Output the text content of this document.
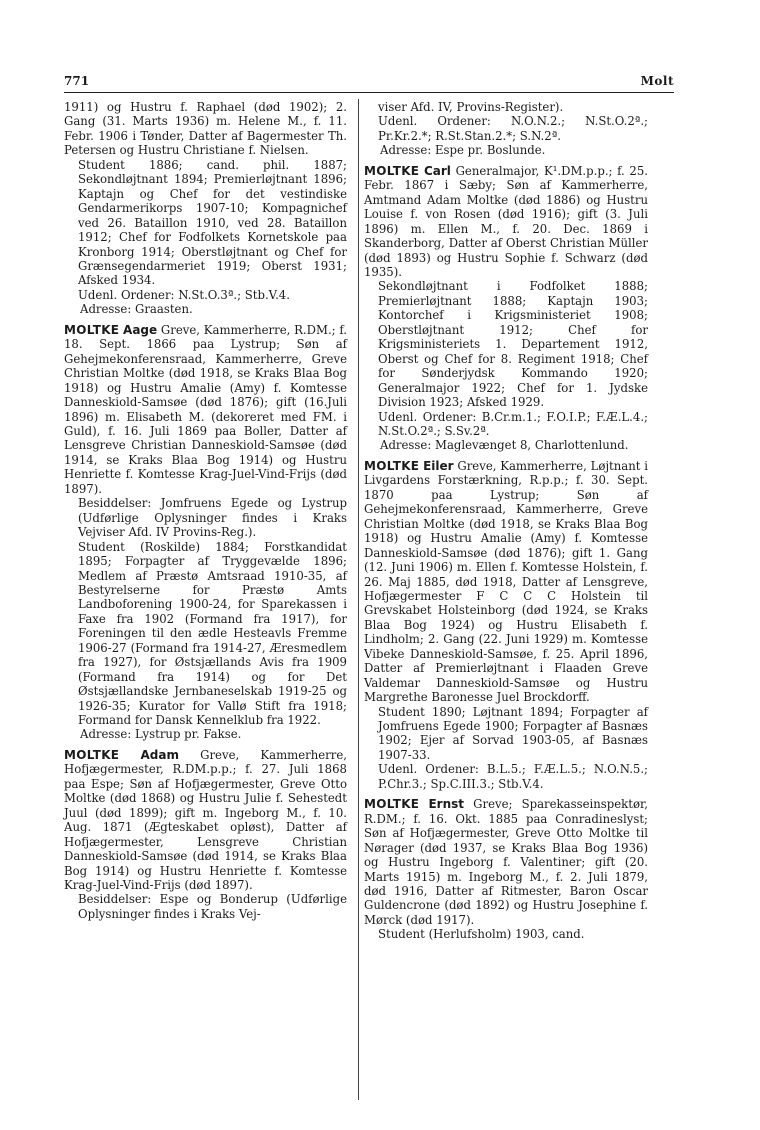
771	Molt

1911) og Hustru f. Raphael (død 1902); 2. Gang (31. Marts 1936) m. Helene M., f. 11. Febr. 1906 i Tønder, Datter af Bagermester Th. Petersen og Hustru Christiane f. Nielsen.

Student 1886; cand. phil. 1887; Sekondløjtnant 1894; Premierløjtnant 1896; Kaptajn og Chef for det vestindiske Gendarmerikorps 1907-10; Kompagnichef ved 26. Bataillon 1910, ved 28. Bataillon 1912; Chef for Fodfolkets Kornetskole paa Kronborg 1914; Oberstløjtnant og Chef for Grænsegendarmeriet 1919; Oberst 1931; Afsked 1934.

Udenl. Ordener: N.St.O.3ª.; Stb.V.4.

Adresse: Graasten.

MOLTKE Aage Greve, Kammerherre, R.DM.; f. 18. Sept. 1866 paa Lystrup; Søn af Gehejmekonferensraad, Kammerherre, Greve Christian Moltke (død 1918, se Kraks Blaa Bog 1918) og Hustru Amalie (Amy) f. Komtesse Danneskiold-Samsøe (død 1876); gift (16.Juli 1896) m. Elisabeth M. (dekoreret med FM. i Guld), f. 16. Juli 1869 paa Boller, Datter af Lensgreve Christian Danneskiold-Samsøe (død 1914, se Kraks Blaa Bog 1914) og Hustru Henriette f. Komtesse Krag-Juel-Vind-Frijs (død 1897).

Besiddelser: Jomfruens Egede og Lystrup (Udførlige Oplysninger findes i Kraks Vejviser Afd. IV Provins-Reg.).

Student (Roskilde) 1884; Forstkandidat 1895; Forpagter af Tryggevælde 1896; Medlem af Præstø Amtsraad 1910-35, af Bestyrelserne for Præstø Amts Landboforening 1900-24, for Sparekassen i Faxe fra 1902 (Formand fra 1917), for Foreningen til den ædle Hesteavls Fremme 1906-27 (Formand fra 1914-27, Æresmedlem fra 1927), for Østsjællands Avis fra 1909 (Formand fra 1914) og for Det Østsjællandske Jernbaneselskab 1919-25 og 1926-35; Kurator for Vallø Stift fra 1918; Formand for Dansk Kennelklub fra 1922.

Adresse: Lystrup pr. Fakse.

MOLTKE Adam Greve, Kammerherre, Hofjægermester, R.DM.p.p.; f. 27. Juli 1868 paa Espe; Søn af Hofjægermester, Greve Otto Moltke (død 1868) og Hustru Julie f. Sehestedt Juul (død 1899); gift m. Ingeborg M., f. 10. Aug. 1871 (Ægteskabet opløst), Datter af Hofjægermester, Lensgreve Christian Danneskiold-Samsøe (død 1914, se Kraks Blaa Bog 1914) og Hustru Henriette f. Komtesse Krag-Juel-Vind-Frijs (død 1897).

Besiddelser: Espe og Bonderup (Udførlige Oplysninger findes i Kraks Vej-

viser Afd. IV, Provins-Register).

Udenl. Ordener: N.O.N.2.; N.St.O.2ª.; Pr.Kr.2.*; R.St.Stan.2.*; S.N.2ª.

Adresse: Espe pr. Boslunde.

MOLTKE Carl Generalmajor, K¹.DM.p.p.; f. 25. Febr. 1867 i Sæby; Søn af Kammerherre, Amtmand Adam Moltke (død 1886) og Hustru Louise f. von Rosen (død 1916); gift (3. Juli 1896) m. Ellen M., f. 20. Dec. 1869 i Skanderborg, Datter af Oberst Christian Müller (død 1893) og Hustru Sophie f. Schwarz (død 1935).

Sekondløjtnant i Fodfolket 1888; Premierløjtnant 1888; Kaptajn 1903; Kontorchef i Krigsministeriet 1908; Oberstløjtnant 1912; Chef for Krigsministeriets 1. Departement 1912, Oberst og Chef for 8. Regiment 1918; Chef for Sønderjydsk Kommando 1920; Generalmajor 1922; Chef for 1. Jydske Division 1923; Afsked 1929.

Udenl. Ordener: B.Cr.m.1.; F.O.I.P.; F.Æ.L.4.; N.St.O.2ª.; S.Sv.2ª.

Adresse: Maglevænget 8, Charlottenlund.

MOLTKE Eiler Greve, Kammerherre, Løjtnant i Livgardens Forstærkning, R.p.p.; f. 30. Sept. 1870 paa Lystrup; Søn af Gehejmekonferensraad, Kammerherre, Greve Christian Moltke (død 1918, se Kraks Blaa Bog 1918) og Hustru Amalie (Amy) f. Komtesse Danneskiold-Samsøe (død 1876); gift 1. Gang (12. Juni 1906) m. Ellen f. Komtesse Holstein, f. 26. Maj 1885, død 1918, Datter af Lensgreve, Hofjægermester F C C C Holstein til Grevskabet Holsteinborg (død 1924, se Kraks Blaa Bog 1924) og Hustru Elisabeth f. Lindholm; 2. Gang (22. Juni 1929) m. Komtesse Vibeke Danneskiold-Samsøe, f. 25. April 1896, Datter af Premierløjtnant i Flaaden Greve Valdemar Danneskiold-Samsøe og Hustru Margrethe Baronesse Juel Brockdorff.

Student 1890; Løjtnant 1894; Forpagter af Jomfruens Egede 1900; Forpagter af Basnæs 1902; Ejer af Sorvad 1903-05, af Basnæs 1907-33.

Udenl. Ordener: B.L.5.; F.Æ.L.5.; N.O.N.5.; P.Chr.3.; Sp.C.III.3.; Stb.V.4.

MOLTKE Ernst Greve; Sparekasseinspektør, R.DM.; f. 16. Okt. 1885 paa Conradineslyst; Søn af Hofjægermester, Greve Otto Moltke til Nørager (død 1937, se Kraks Blaa Bog 1936) og Hustru Ingeborg f. Valentiner; gift (20. Marts 1915) m. Ingeborg M., f. 2. Juli 1879, død 1916, Datter af Ritmester, Baron Oscar Guldencrone (død 1892) og Hustru Josephine f. Mørck (død 1917).

Student (Herlufsholm) 1903, cand.
